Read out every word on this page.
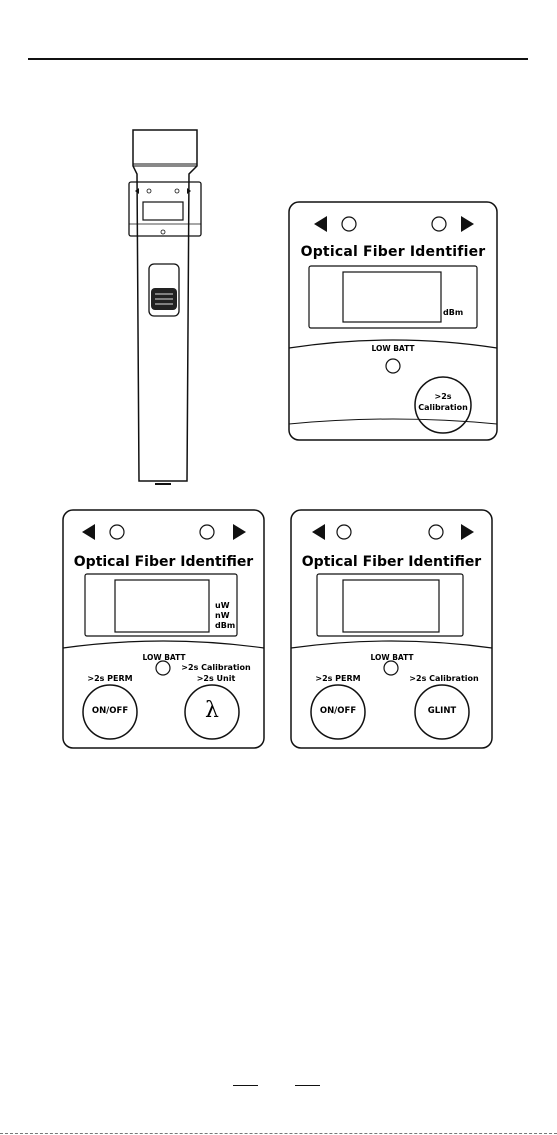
Optical Fiber Identifier
dBm
LOW BATT
>2s
Calibration
Optical Fiber Identifier
uW
nW
dBm
LOW BATT
>2s PERM
>2s Calibration
>2s Unit
ON/OFF	λ
Optical Fiber Identifier
LOW BATT
>2s PERM	>2s Calibration
ON/OFF	GLINT
